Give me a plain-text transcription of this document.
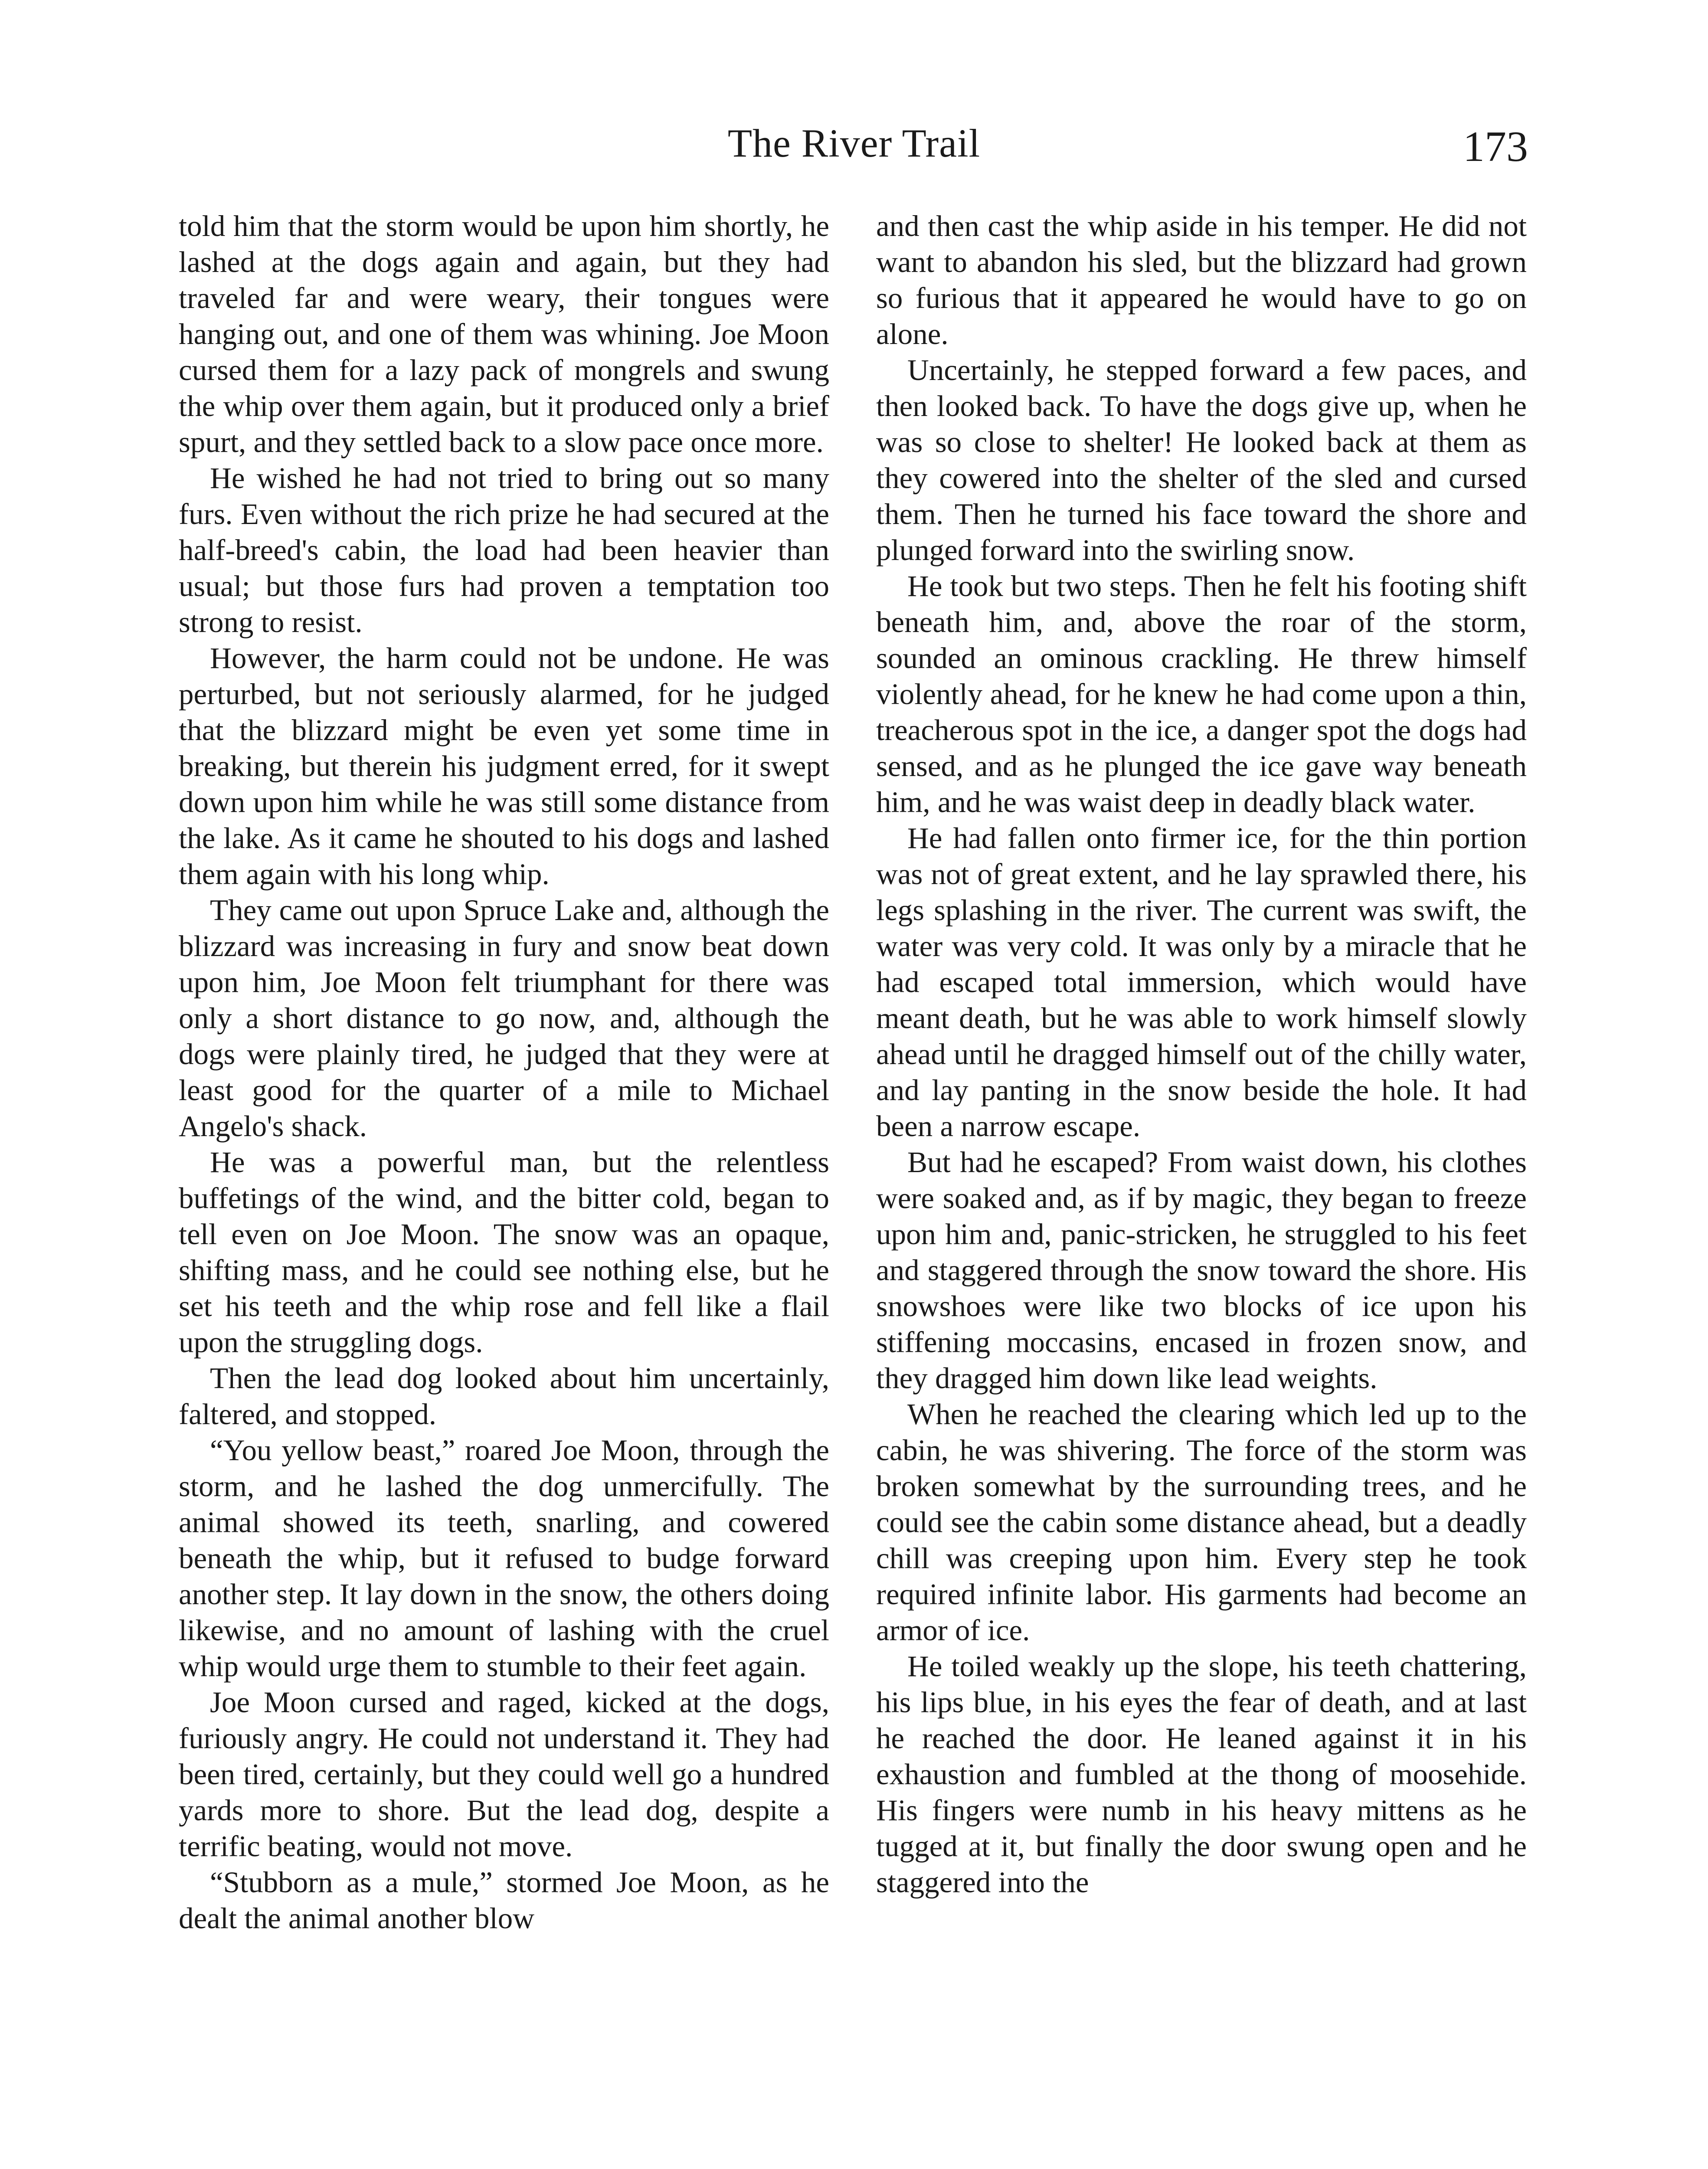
The River Trail	173

told him that the storm would be upon him shortly, he lashed at the dogs again and again, but they had traveled far and were weary, their tongues were hanging out, and one of them was whining. Joe Moon cursed them for a lazy pack of mongrels and swung the whip over them again, but it produced only a brief spurt, and they settled back to a slow pace once more.

He wished he had not tried to bring out so many furs. Even without the rich prize he had secured at the half-breed's cabin, the load had been heavier than usual; but those furs had proven a temptation too strong to resist.

However, the harm could not be undone. He was perturbed, but not seriously alarmed, for he judged that the blizzard might be even yet some time in breaking, but therein his judgment erred, for it swept down upon him while he was still some distance from the lake. As it came he shouted to his dogs and lashed them again with his long whip.

They came out upon Spruce Lake and, although the blizzard was increasing in fury and snow beat down upon him, Joe Moon felt triumphant for there was only a short distance to go now, and, although the dogs were plainly tired, he judged that they were at least good for the quarter of a mile to Michael Angelo's shack.

He was a powerful man, but the relentless buffetings of the wind, and the bitter cold, began to tell even on Joe Moon. The snow was an opaque, shifting mass, and he could see nothing else, but he set his teeth and the whip rose and fell like a flail upon the struggling dogs.

Then the lead dog looked about him uncertainly, faltered, and stopped.

“You yellow beast,” roared Joe Moon, through the storm, and he lashed the dog unmercifully. The animal showed its teeth, snarling, and cowered beneath the whip, but it refused to budge forward another step. It lay down in the snow, the others doing likewise, and no amount of lashing with the cruel whip would urge them to stumble to their feet again.

Joe Moon cursed and raged, kicked at the dogs, furiously angry. He could not understand it. They had been tired, certainly, but they could well go a hundred yards more to shore. But the lead dog, despite a terrific beating, would not move.

“Stubborn as a mule,” stormed Joe Moon, as he dealt the animal another blow

and then cast the whip aside in his temper. He did not want to abandon his sled, but the blizzard had grown so furious that it appeared he would have to go on alone.

Uncertainly, he stepped forward a few paces, and then looked back. To have the dogs give up, when he was so close to shelter! He looked back at them as they cowered into the shelter of the sled and cursed them. Then he turned his face toward the shore and plunged forward into the swirling snow.

He took but two steps. Then he felt his footing shift beneath him, and, above the roar of the storm, sounded an ominous crackling. He threw himself violently ahead, for he knew he had come upon a thin, treacherous spot in the ice, a danger spot the dogs had sensed, and as he plunged the ice gave way beneath him, and he was waist deep in deadly black water.

He had fallen onto firmer ice, for the thin portion was not of great extent, and he lay sprawled there, his legs splashing in the river. The current was swift, the water was very cold. It was only by a miracle that he had escaped total immersion, which would have meant death, but he was able to work himself slowly ahead until he dragged himself out of the chilly water, and lay panting in the snow beside the hole. It had been a narrow escape.

But had he escaped? From waist down, his clothes were soaked and, as if by magic, they began to freeze upon him and, panic-stricken, he struggled to his feet and staggered through the snow toward the shore. His snowshoes were like two blocks of ice upon his stiffening moccasins, encased in frozen snow, and they dragged him down like lead weights.

When he reached the clearing which led up to the cabin, he was shivering. The force of the storm was broken somewhat by the surrounding trees, and he could see the cabin some distance ahead, but a deadly chill was creeping upon him. Every step he took required infinite labor. His garments had become an armor of ice.

He toiled weakly up the slope, his teeth chattering, his lips blue, in his eyes the fear of death, and at last he reached the door. He leaned against it in his exhaustion and fumbled at the thong of moosehide. His fingers were numb in his heavy mittens as he tugged at it, but finally the door swung open and he staggered into the
